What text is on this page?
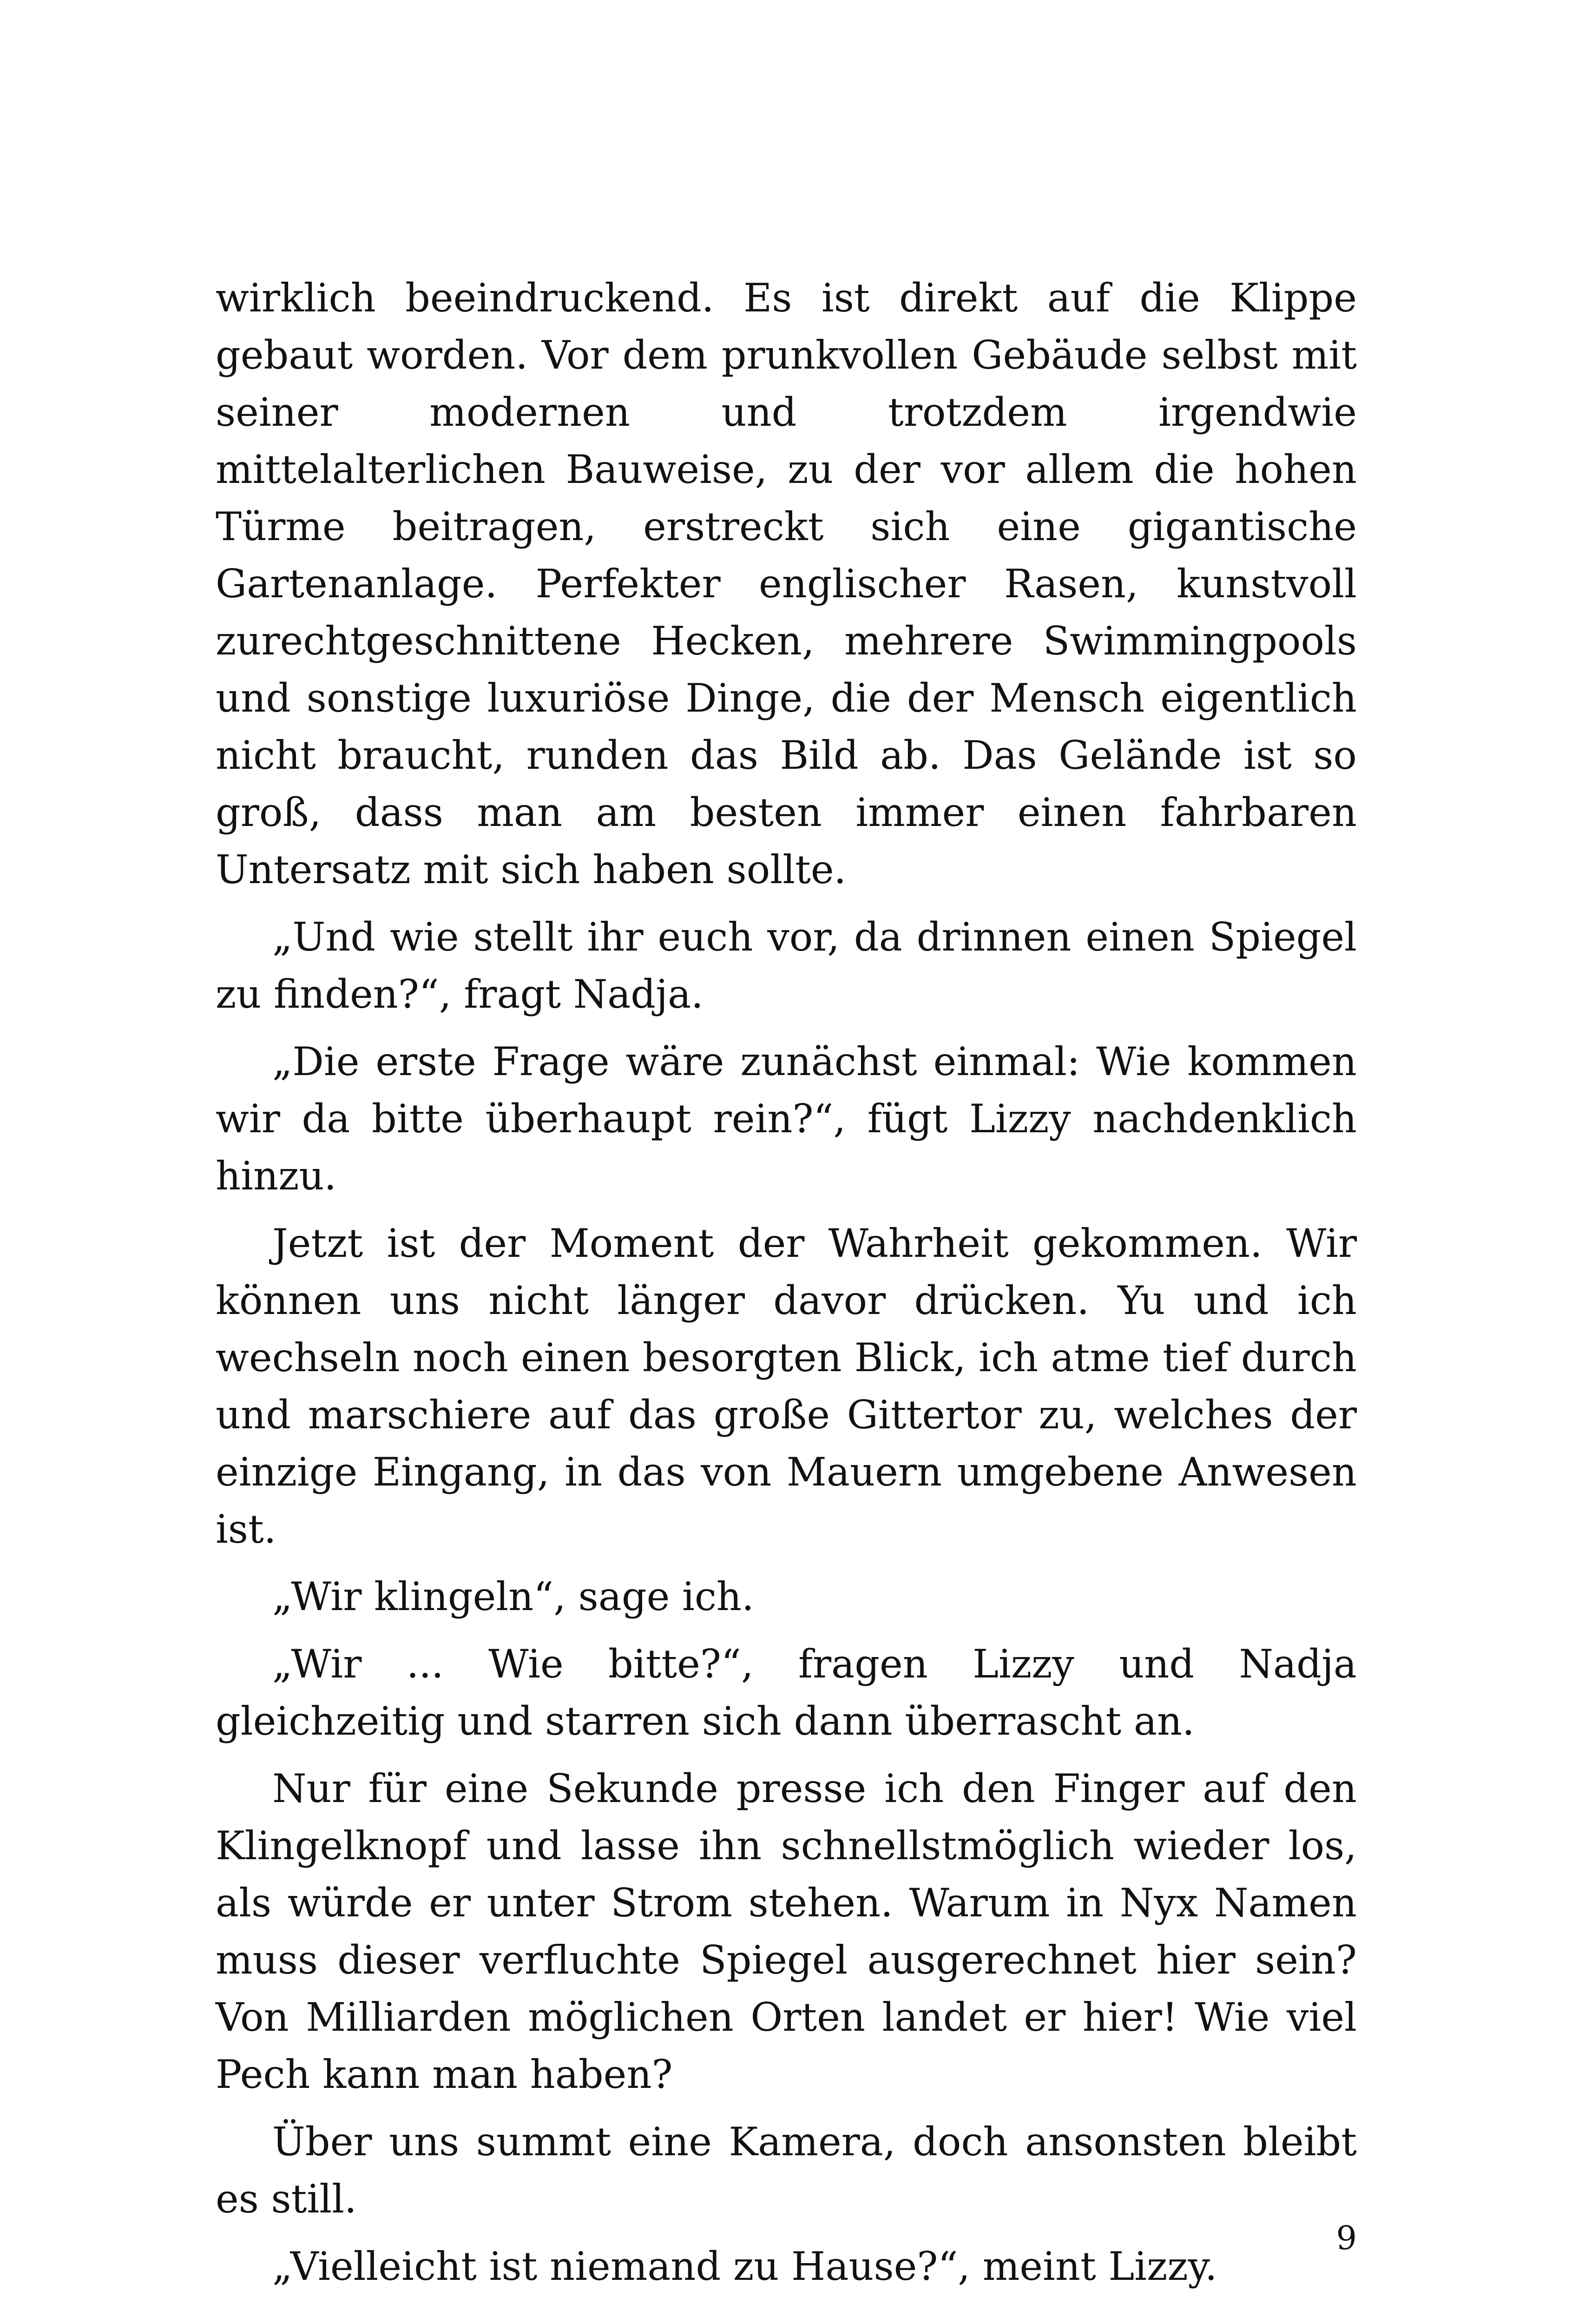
wirklich beeindruckend. Es ist direkt auf die Klippe gebaut worden. Vor dem prunkvollen Gebäude selbst mit seiner modernen und trotzdem irgendwie mittelalterlichen Bauweise, zu der vor allem die hohen Türme beitragen, erstreckt sich eine gigantische Gartenanlage. Perfekter englischer Rasen, kunstvoll zurechtgeschnittene Hecken, mehrere Swimmingpools und sonstige luxuriöse Dinge, die der Mensch eigentlich nicht braucht, runden das Bild ab. Das Gelände ist so groß, dass man am besten immer einen fahrbaren Untersatz mit sich haben sollte.

„Und wie stellt ihr euch vor, da drinnen einen Spiegel zu finden?“, fragt Nadja.

„Die erste Frage wäre zunächst einmal: Wie kommen wir da bitte überhaupt rein?“, fügt Lizzy nachdenklich hinzu.

Jetzt ist der Moment der Wahrheit gekommen. Wir können uns nicht länger davor drücken. Yu und ich wechseln noch einen besorgten Blick, ich atme tief durch und marschiere auf das große Gittertor zu, welches der einzige Eingang, in das von Mauern umgebene Anwesen ist.

„Wir klingeln“, sage ich.

„Wir ... Wie bitte?“, fragen Lizzy und Nadja gleichzeitig und starren sich dann überrascht an.

Nur für eine Sekunde presse ich den Finger auf den Klingelknopf und lasse ihn schnellstmöglich wieder los, als würde er unter Strom stehen. Warum in Nyx Namen muss dieser verfluchte Spiegel ausgerechnet hier sein? Von Milliarden möglichen Orten landet er hier! Wie viel Pech kann man haben?

Über uns summt eine Kamera, doch ansonsten bleibt es still.

„Vielleicht ist niemand zu Hause?“, meint Lizzy.

9
